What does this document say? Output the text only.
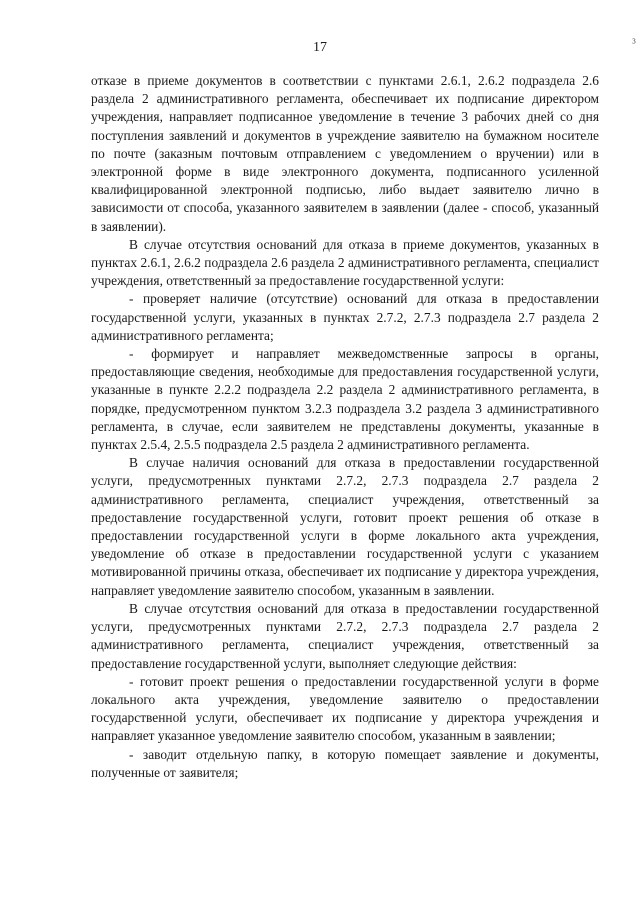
17
₃

отказе в приеме документов в соответствии с пунктами 2.6.1, 2.6.2 подраздела 2.6 раздела 2 административного регламента, обеспечивает их подписание директором учреждения, направляет подписанное уведомление в течение 3 рабочих дней со дня поступления заявлений и документов в учреждение заявителю на бумажном носителе по почте (заказным почтовым отправлением с уведомлением о вручении) или в электронной форме в виде электронного документа, подписанного усиленной квалифицированной электронной подписью, либо выдает заявителю лично в зависимости от способа, указанного заявителем в заявлении (далее - способ, указанный в заявлении).

В случае отсутствия оснований для отказа в приеме документов, указанных в пунктах 2.6.1, 2.6.2 подраздела 2.6 раздела 2 административного регламента, специалист учреждения, ответственный за предоставление государственной услуги:

- проверяет наличие (отсутствие) оснований для отказа в предоставлении государственной услуги, указанных в пунктах 2.7.2, 2.7.3 подраздела 2.7 раздела 2 административного регламента;

- формирует и направляет межведомственные запросы в органы, предоставляющие сведения, необходимые для предоставления государственной услуги, указанные в пункте 2.2.2 подраздела 2.2 раздела 2 административного регламента, в порядке, предусмотренном пунктом 3.2.3 подраздела 3.2 раздела 3 административного регламента, в случае, если заявителем не представлены документы, указанные в пунктах 2.5.4, 2.5.5 подраздела 2.5 раздела 2 административного регламента.

В случае наличия оснований для отказа в предоставлении государственной услуги, предусмотренных пунктами 2.7.2, 2.7.3 подраздела 2.7 раздела 2 административного регламента, специалист учреждения, ответственный за предоставление государственной услуги, готовит проект решения об отказе в предоставлении государственной услуги в форме локального акта учреждения, уведомление об отказе в предоставлении государственной услуги с указанием мотивированной причины отказа, обеспечивает их подписание у директора учреждения, направляет уведомление заявителю способом, указанным в заявлении.

В случае отсутствия оснований для отказа в предоставлении государственной услуги, предусмотренных пунктами 2.7.2, 2.7.3 подраздела 2.7 раздела 2 административного регламента, специалист учреждения, ответственный за предоставление государственной услуги, выполняет следующие действия:

- готовит проект решения о предоставлении государственной услуги в форме локального акта учреждения, уведомление заявителю о предоставлении государственной услуги, обеспечивает их подписание у директора учреждения и направляет указанное уведомление заявителю способом, указанным в заявлении;

- заводит отдельную папку, в которую помещает заявление и документы, полученные от заявителя;
